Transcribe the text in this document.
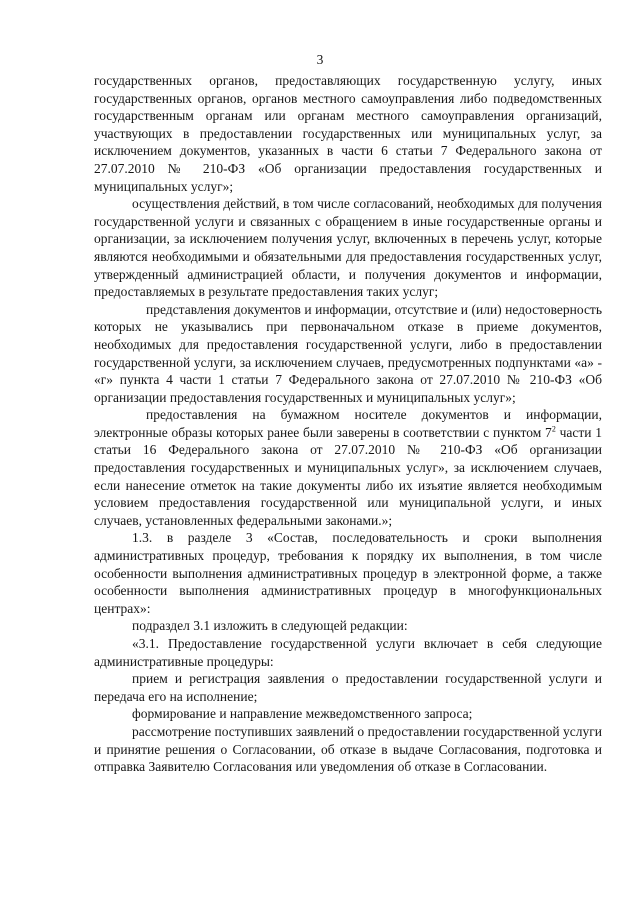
3

государственных органов, предоставляющих государственную услугу, иных государственных органов, органов местного самоуправления либо подведомственных государственным органам или органам местного самоуправления организаций, участвующих в предоставлении государственных или муниципальных услуг, за исключением документов, указанных в части 6 статьи 7 Федерального закона от 27.07.2010 № 210-ФЗ «Об организации предоставления государственных и муниципальных услуг»;

осуществления действий, в том числе согласований, необходимых для получения государственной услуги и связанных с обращением в иные государственные органы и организации, за исключением получения услуг, включенных в перечень услуг, которые являются необходимыми и обязательными для предоставления государственных услуг, утвержденный администрацией области, и получения документов и информации, предоставляемых в результате предоставления таких услуг;

представления документов и информации, отсутствие и (или) недостоверность которых не указывались при первоначальном отказе в приеме документов, необходимых для предоставления государственной услуги, либо в предоставлении государственной услуги, за исключением случаев, предусмотренных подпунктами «а» - «г» пункта 4 части 1 статьи 7 Федерального закона от 27.07.2010 № 210-ФЗ «Об организации предоставления государственных и муниципальных услуг»;

предоставления на бумажном носителе документов и информации, электронные образы которых ранее были заверены в соответствии с пунктом $7^2$ части 1 статьи 16 Федерального закона от 27.07.2010 № 210-ФЗ «Об организации предоставления государственных и муниципальных услуг», за исключением случаев, если нанесение отметок на такие документы либо их изъятие является необходимым условием предоставления государственной или муниципальной услуги, и иных случаев, установленных федеральными законами.»;

1.3. в разделе 3 «Состав, последовательность и сроки выполнения административных процедур, требования к порядку их выполнения, в том числе особенности выполнения административных процедур в электронной форме, а также особенности выполнения административных процедур в многофункциональных центрах»:

подраздел 3.1 изложить в следующей редакции:

«3.1. Предоставление государственной услуги включает в себя следующие административные процедуры:

прием и регистрация заявления о предоставлении государственной услуги и передача его на исполнение;

формирование и направление межведомственного запроса;

рассмотрение поступивших заявлений о предоставлении государственной услуги и принятие решения о Согласовании, об отказе в выдаче Согласования, подготовка и отправка Заявителю Согласования или уведомления об отказе в Согласовании.
